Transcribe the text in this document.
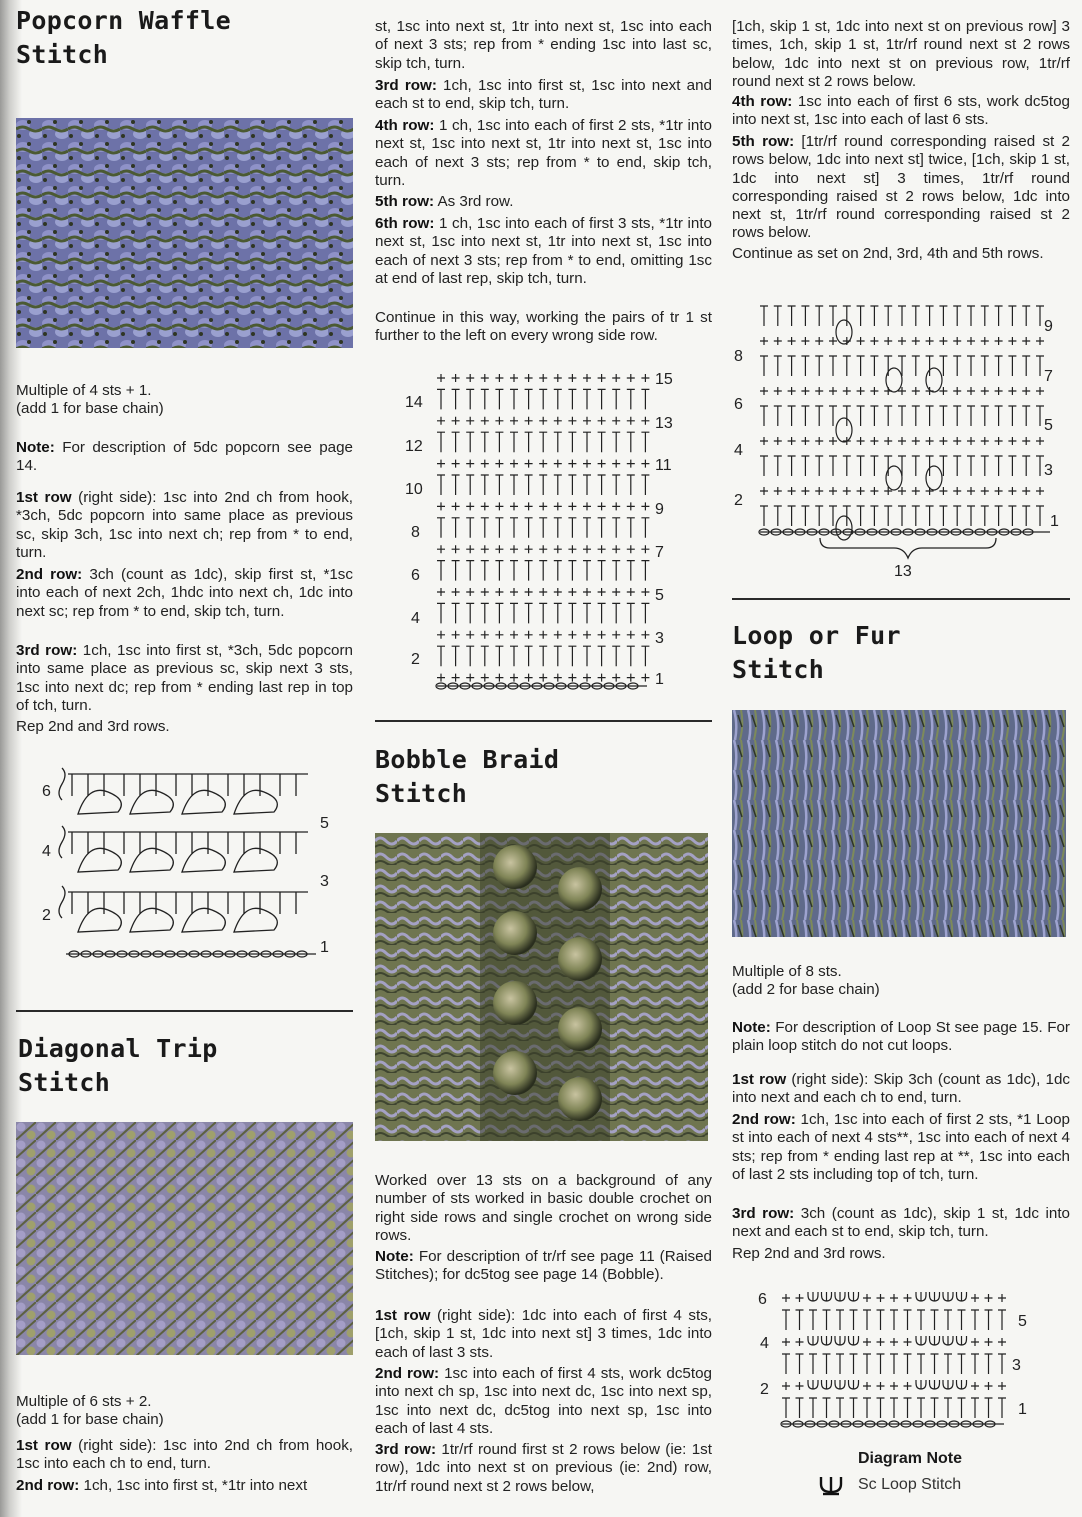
Popcorn Waffle
Stitch

Multiple of 4 sts + 1.
(add 1 for base chain)

Note: For description of 5dc popcorn see page 14.

1st row (right side): 1sc into 2nd ch from hook, *3ch, 5dc popcorn into same place as previous sc, skip 3ch, 1sc into next ch; rep from * to end, turn.

2nd row: 3ch (count as 1dc), skip first st, *1sc into each of next 2ch, 1hdc into next ch, 1dc into next sc; rep from * to end, skip tch, turn.

3rd row: 1ch, 1sc into first st, *3ch, 5dc popcorn into same place as previous sc, skip next 3 sts, 1sc into next dc; rep from * ending last rep in top of tch, turn.

Rep 2nd and 3rd rows.

6
4
2
5
3
1
Diagonal Trip
Stitch

Multiple of 6 sts + 2.
(add 1 for base chain)

1st row (right side): 1sc into 2nd ch from hook, 1sc into each ch to end, turn.

2nd row: 1ch, 1sc into first st, *1tr into next

st, 1sc into next st, 1tr into next st, 1sc into each of next 3 sts; rep from * ending 1sc into last sc, skip tch, turn.

3rd row: 1ch, 1sc into first st, 1sc into next and each st to end, skip tch, turn.

4th row: 1 ch, 1sc into each of first 2 sts, *1tr into next st, 1sc into next st, 1tr into next st, 1sc into each of next 3 sts; rep from * to end, skip tch, turn.

5th row: As 3rd row.

6th row: 1 ch, 1sc into each of first 3 sts, *1tr into next st, 1sc into next st, 1tr into next st, 1sc into each of next 3 sts; rep from * to end, omitting 1sc at end of last rep, skip tch, turn.

Continue in this way, working the pairs of tr 1 st further to the left on every wrong side row.

14
12
10
8
6
4
2
15
13
11
9
7
5
3
1
Bobble Braid
Stitch

Worked over 13 sts on a background of any number of sts worked in basic double crochet on right side rows and single crochet on wrong side rows.

Note: For description of tr/rf see page 11 (Raised Stitches); for dc5tog see page 14 (Bobble).

1st row (right side): 1dc into each of first 4 sts, [1ch, skip 1 st, 1dc into next st] 3 times, 1dc into each of last 3 sts.

2nd row: 1sc into each of first 4 sts, work dc5tog into next ch sp, 1sc into next dc, 1sc into next sp, 1sc into next dc, dc5tog into next sp, 1sc into each of last 4 sts.

3rd row: 1tr/rf round first st 2 rows below (ie: 1st row), 1dc into next st on previous (ie: 2nd) row, 1tr/rf round next st 2 rows below,

[1ch, skip 1 st, 1dc into next st on previous row] 3 times, 1ch, skip 1 st, 1tr/rf round next st 2 rows below, 1dc into next st on previous row, 1tr/rf round next st 2 rows below.

4th row: 1sc into each of first 6 sts, work dc5tog into next st, 1sc into each of last 6 sts.

5th row: [1tr/rf round corresponding raised st 2 rows below, 1dc into next st] twice, [1ch, skip 1 st, 1dc into next st] 3 times, 1tr/rf round corresponding raised st 2 rows below, 1dc into next st, 1tr/rf round corresponding raised st 2 rows below.

Continue as set on 2nd, 3rd, 4th and 5th rows.

8
6
4
2
9
7
5
3
1
13
Loop or Fur
Stitch

Multiple of 8 sts.
(add 2 for base chain)

Note: For description of Loop St see page 15. For plain loop stitch do not cut loops.

1st row (right side): Skip 3ch (count as 1dc), 1dc into next and each ch to end, turn.

2nd row: 1ch, 1sc into each of first 2 sts, *1 Loop st into each of next 4 sts**, 1sc into each of next 4 sts; rep from * ending last rep at **, 1sc into each of last 2 sts including top of tch, turn.

3rd row: 3ch (count as 1dc), skip 1 st, 1dc into next and each st to end, skip tch, turn.

Rep 2nd and 3rd rows.

6
4
2
5
3
1
Diagram Note
Sc Loop Stitch
